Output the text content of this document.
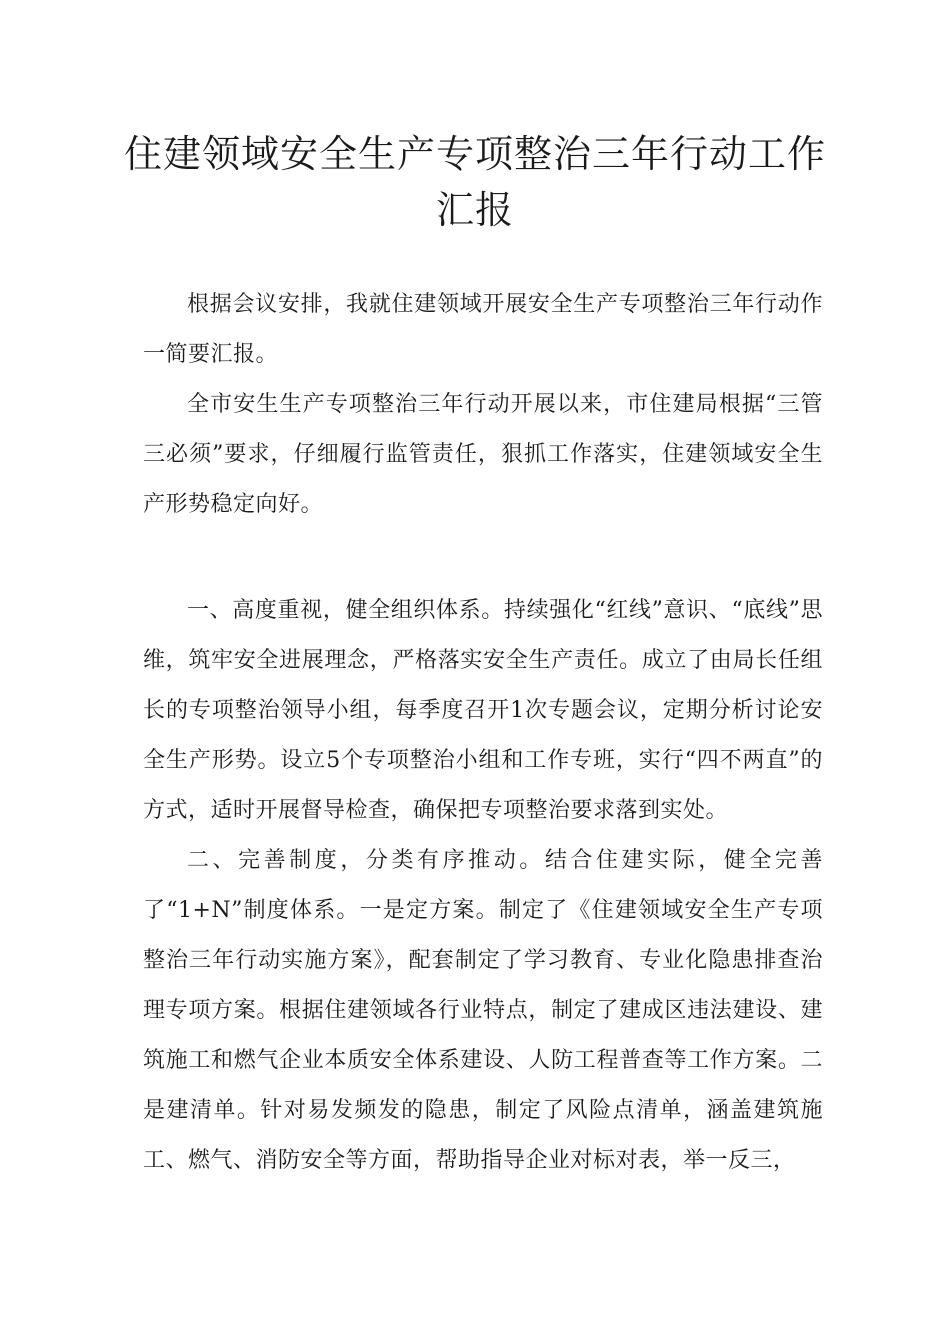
住建领域安全生产专项整治三年行动工作汇报

根据会议安排，我就住建领域开展安全生产专项整治三年行动作一简要汇报。

全市安生生产专项整治三年行动开展以来，市住建局根据“三管三必须”要求，仔细履行监管责任，狠抓工作落实，住建领域安全生产形势稳定向好。

一、高度重视，健全组织体系。持续强化“红线”意识、“底线”思维，筑牢安全进展理念，严格落实安全生产责任。成立了由局长任组长的专项整治领导小组，每季度召开1次专题会议，定期分析讨论安全生产形势。设立5个专项整治小组和工作专班，实行“四不两直”的方式，适时开展督导检查，确保把专项整治要求落到实处。

二、完善制度，分类有序推动。结合住建实际，健全完善了“1+N”制度体系。一是定方案。制定了《住建领域安全生产专项整治三年行动实施方案》，配套制定了学习教育、专业化隐患排查治理专项方案。根据住建领域各行业特点，制定了建成区违法建设、建筑施工和燃气企业本质安全体系建设、人防工程普查等工作方案。二是建清单。针对易发频发的隐患，制定了风险点清单，涵盖建筑施工、燃气、消防安全等方面，帮助指导企业对标对表，举一反三，
